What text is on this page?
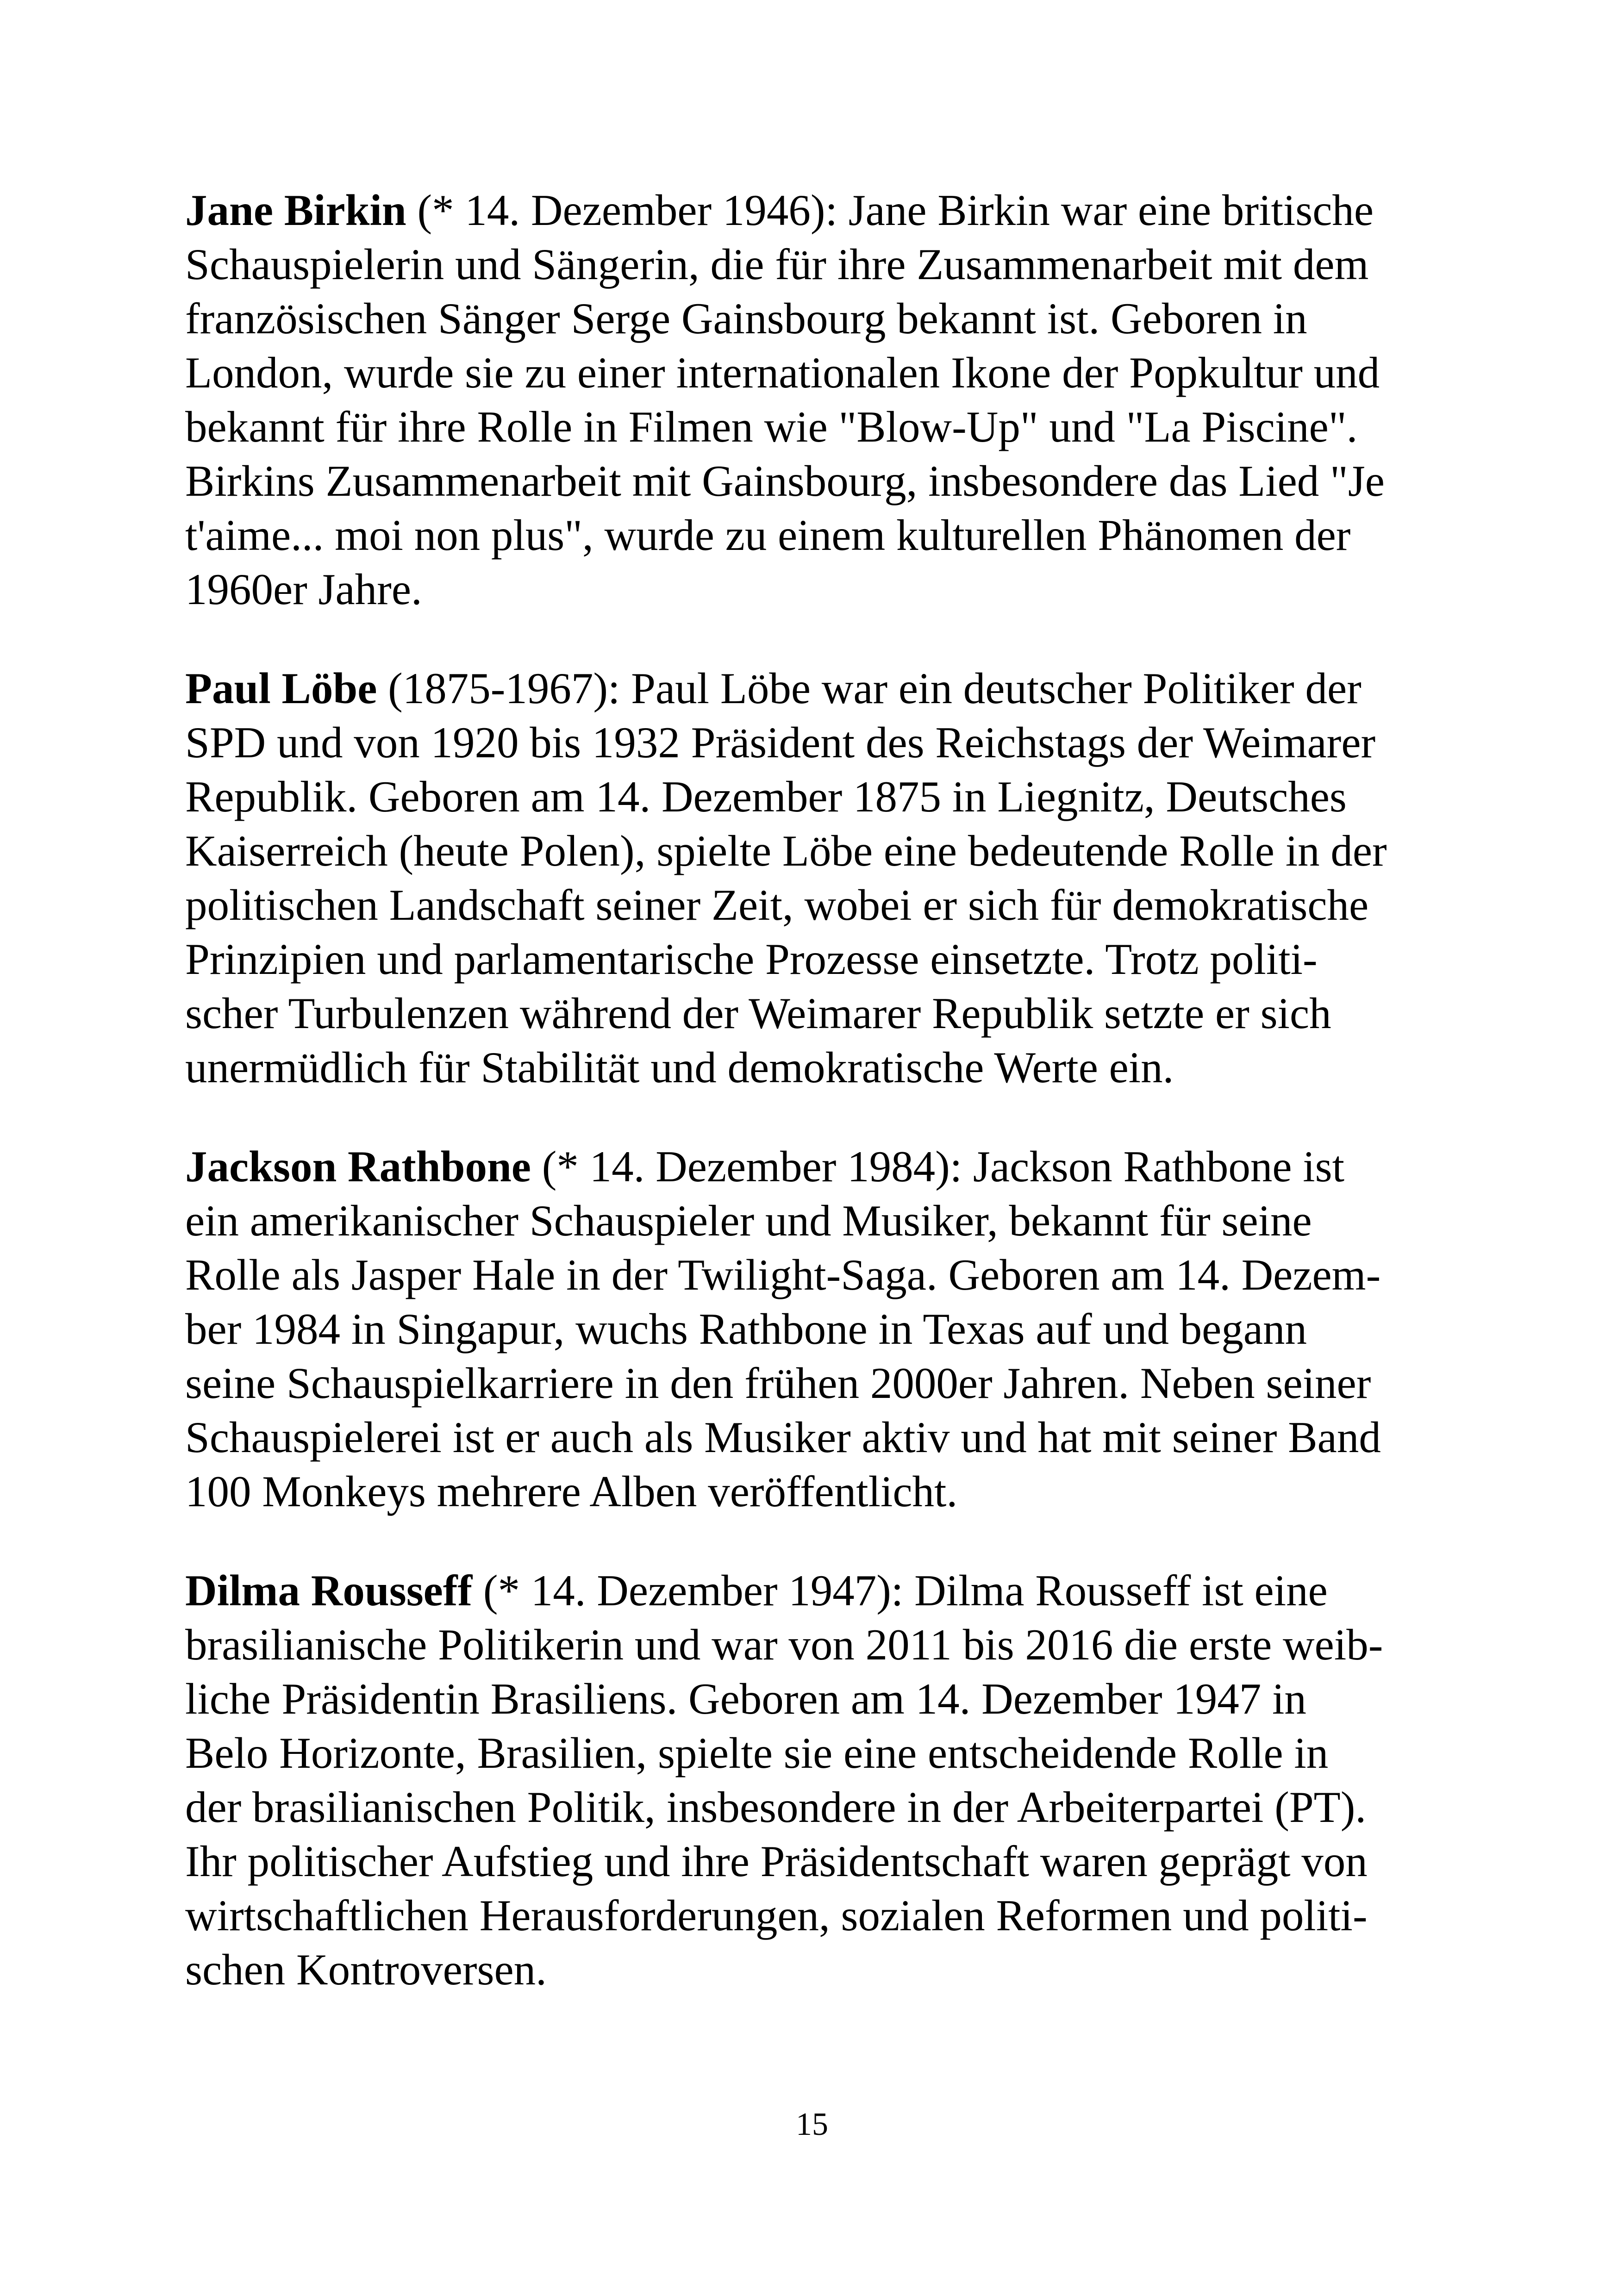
Jane Birkin (* 14. Dezember 1946): Jane Birkin war eine britische
Schauspielerin und Sängerin, die für ihre Zusammenarbeit mit dem
französischen Sänger Serge Gainsbourg bekannt ist. Geboren in
London, wurde sie zu einer internationalen Ikone der Popkultur und
bekannt für ihre Rolle in Filmen wie "Blow-Up" und "La Piscine".
Birkins Zusammenarbeit mit Gainsbourg, insbesondere das Lied "Je
t'aime... moi non plus", wurde zu einem kulturellen Phänomen der
1960er Jahre.

Paul Löbe (1875-1967): Paul Löbe war ein deutscher Politiker der
SPD und von 1920 bis 1932 Präsident des Reichstags der Weimarer
Republik. Geboren am 14. Dezember 1875 in Liegnitz, Deutsches
Kaiserreich (heute Polen), spielte Löbe eine bedeutende Rolle in der
politischen Landschaft seiner Zeit, wobei er sich für demokratische
Prinzipien und parlamentarische Prozesse einsetzte. Trotz politi-
scher Turbulenzen während der Weimarer Republik setzte er sich
unermüdlich für Stabilität und demokratische Werte ein.

Jackson Rathbone (* 14. Dezember 1984): Jackson Rathbone ist
ein amerikanischer Schauspieler und Musiker, bekannt für seine
Rolle als Jasper Hale in der Twilight-Saga. Geboren am 14. Dezem-
ber 1984 in Singapur, wuchs Rathbone in Texas auf und begann
seine Schauspielkarriere in den frühen 2000er Jahren. Neben seiner
Schauspielerei ist er auch als Musiker aktiv und hat mit seiner Band
100 Monkeys mehrere Alben veröffentlicht.

Dilma Rousseff (* 14. Dezember 1947): Dilma Rousseff ist eine
brasilianische Politikerin und war von 2011 bis 2016 die erste weib-
liche Präsidentin Brasiliens. Geboren am 14. Dezember 1947 in
Belo Horizonte, Brasilien, spielte sie eine entscheidende Rolle in
der brasilianischen Politik, insbesondere in der Arbeiterpartei (PT).
Ihr politischer Aufstieg und ihre Präsidentschaft waren geprägt von
wirtschaftlichen Herausforderungen, sozialen Reformen und politi-
schen Kontroversen.

15
